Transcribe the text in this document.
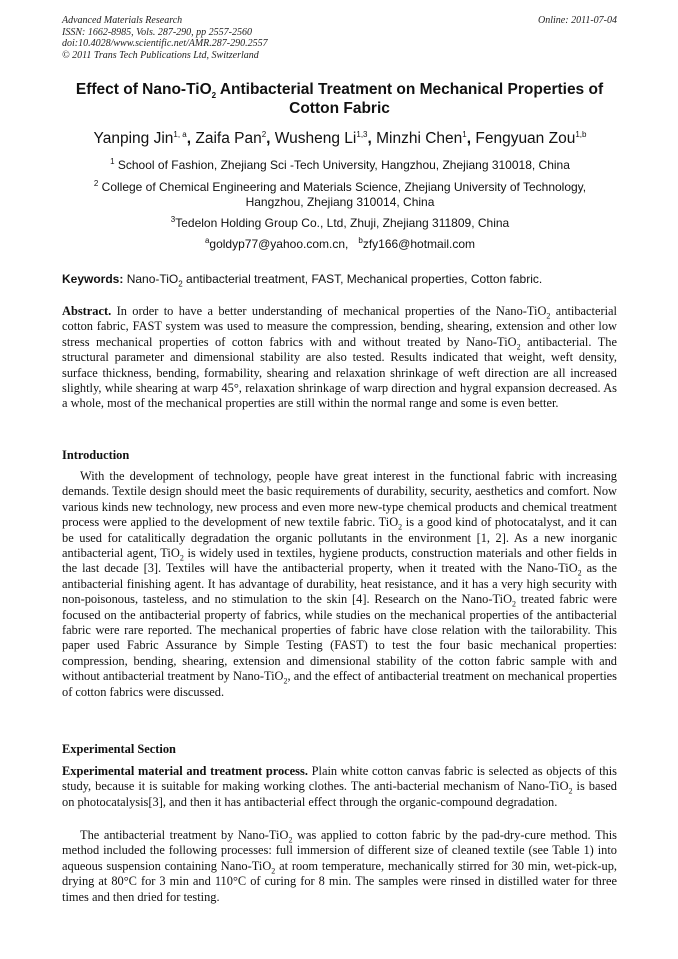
Advanced Materials Research
ISSN: 1662-8985, Vols. 287-290, pp 2557-2560
doi:10.4028/www.scientific.net/AMR.287-290.2557
© 2011 Trans Tech Publications Ltd, Switzerland
Online: 2011-07-04
Effect of Nano-TiO$_2$ Antibacterial Treatment on Mechanical Properties of
Cotton Fabric
Yanping Jin$^{1, a}$, Zaifa Pan$^2$, Wusheng Li$^{1,3}$, Minzhi Chen$^1$, Fengyuan Zou$^{1,b}$
$^1$ School of Fashion, Zhejiang Sci -Tech University, Hangzhou, Zhejiang 310018, China
$^2$ College of Chemical Engineering and Materials Science, Zhejiang University of Technology,
Hangzhou, Zhejiang 310014, China
$^3$Tedelon Holding Group Co., Ltd, Zhuji, Zhejiang 311809, China
$^a$goldyp77@yahoo.com.cn, $^b$zfy166@hotmail.com
Keywords: Nano-TiO$_2$ antibacterial treatment, FAST, Mechanical properties, Cotton fabric.
Abstract. In order to have a better understanding of mechanical properties of the Nano-TiO$_2$ antibacterial cotton fabric, FAST system was used to measure the compression, bending, shearing, extension and other low stress mechanical properties of cotton fabrics with and without treated by Nano-TiO$_2$ antibacterial. The structural parameter and dimensional stability are also tested. Results indicated that weight, weft density, surface thickness, bending, formability, shearing and relaxation shrinkage of weft direction are all increased slightly, while shearing at warp 45°, relaxation shrinkage of warp direction and hygral expansion decreased. As a whole, most of the mechanical properties are still within the normal range and some is even better.
Introduction
With the development of technology, people have great interest in the functional fabric with increasing demands. Textile design should meet the basic requirements of durability, security, aesthetics and comfort. Now various kinds new technology, new process and even more new-type chemical products and chemical treatment process were applied to the development of new textile fabric. TiO$_2$ is a good kind of photocatalyst, and it can be used for catalitically degradation the organic pollutants in the environment [1, 2]. As a new inorganic antibacterial agent, TiO$_2$ is widely used in textiles, hygiene products, construction materials and other fields in the last decade [3]. Textiles will have the antibacterial property, when it treated with the Nano-TiO$_2$ as the antibacterial finishing agent. It has advantage of durability, heat resistance, and it has a very high security with non-poisonous, tasteless, and no stimulation to the skin [4]. Research on the Nano-TiO$_2$ treated fabric were focused on the antibacterial property of fabrics, while studies on the mechanical properties of the antibacterial fabric were rare reported. The mechanical properties of fabric have close relation with the tailorability. This paper used Fabric Assurance by Simple Testing (FAST) to test the four basic mechanical properties: compression, bending, shearing, extension and dimensional stability of the cotton fabric sample with and without antibacterial treatment by Nano-TiO$_2$, and the effect of antibacterial treatment on mechanical properties of cotton fabrics were discussed.
Experimental Section
Experimental material and treatment process. Plain white cotton canvas fabric is selected as objects of this study, because it is suitable for making working clothes. The anti-bacterial mechanism of Nano-TiO$_2$ is based on photocatalysis[3], and then it has antibacterial effect through the organic-compound degradation.
The antibacterial treatment by Nano-TiO$_2$ was applied to cotton fabric by the pad-dry-cure method. This method included the following processes: full immersion of different size of cleaned textile (see Table 1) into aqueous suspension containing Nano-TiO$_2$ at room temperature, mechanically stirred for 30 min, wet-pick-up, drying at 80°C for 3 min and 110°C of curing for 8 min. The samples were rinsed in distilled water for three times and then dried for testing.
